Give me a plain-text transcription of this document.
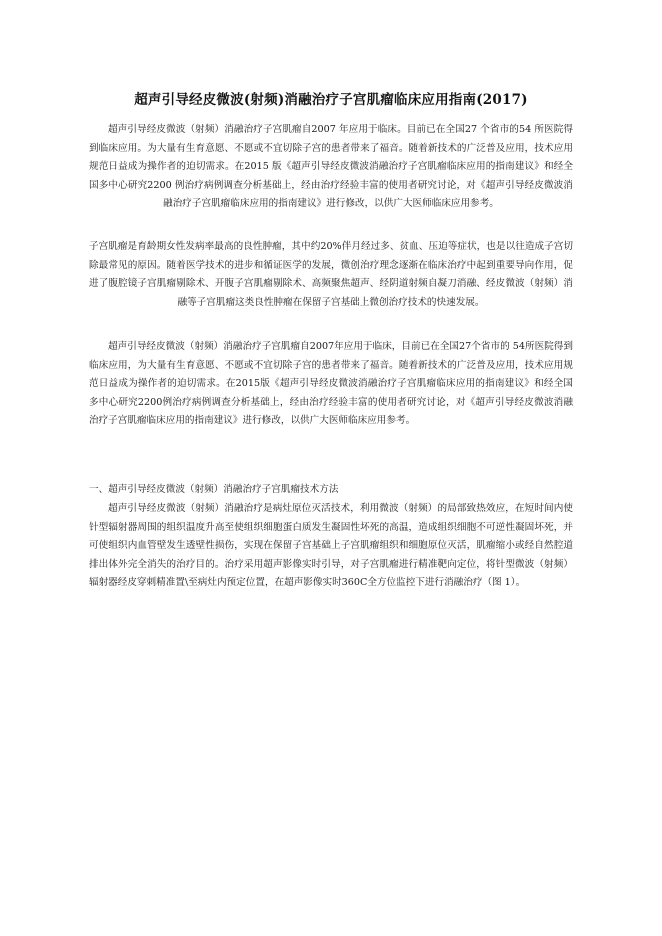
超声引导经皮微波(射频)消融治疗子宫肌瘤临床应用指南(2017)
超声引导经皮微波（射频）消融治疗子宫肌瘤自2007 年应用于临床。目前已在全国27 个省市的54 所医院得到临床应用。为大量有生育意愿、不愿或不宜切除子宫的患者带来了福音。随着新技术的广泛普及应用，技术应用规范日益成为操作者的迫切需求。在2015 版《超声引导经皮微波消融治疗子宫肌瘤临床应用的指南建议》和经全国多中心研究2200 例治疗病例调查分析基础上，经由治疗经验丰富的使用者研究讨论，对《超声引导经皮微波消融治疗子宫肌瘤临床应用的指南建议》进行修改，以供广大医师临床应用参考。
子宫肌瘤是育龄期女性发病率最高的良性肿瘤，其中约20%伴月经过多、贫血、压迫等症状，也是以往造成子宫切除最常见的原因。随着医学技术的进步和循证医学的发展，微创治疗理念逐渐在临床治疗中起到重要导向作用，促进了腹腔镜子宫肌瘤剔除术、开腹子宫肌瘤剔除术、高频聚焦超声、经阴道射频自凝刀消融、经皮微波（射频）消融等子宫肌瘤这类良性肿瘤在保留子宫基础上微创治疗技术的快速发展。
超声引导经皮微波（射频）消融治疗子宫肌瘤自2007年应用于临床，目前已在全国27个省市的 54所医院得到临床应用，为大量有生育意愿、不愿或不宜切除子宫的患者带来了福音。随着新技术的广泛普及应用，技术应用规范日益成为操作者的迫切需求。在2015版《超声引导经皮微波消融治疗子宫肌瘤临床应用的指南建议》和经全国多中心研究2200例治疗病例调查分析基础上，经由治疗经验丰富的使用者研究讨论，对《超声引导经皮微波消融治疗子宫肌瘤临床应用的指南建议》进行修改，以供广大医师临床应用参考。
一、超声引导经皮微波（射频）消融治疗子宫肌瘤技术方法
超声引导经皮微波（射频）消融治疗是病灶原位灭活技术，利用微波（射频）的局部致热效应，在短时间内使针型辐射器周围的组织温度升高至使组织细胞蛋白质发生凝固性坏死的高温，造成组织细胞不可逆性凝固坏死，并可使组织内血管壁发生透壁性损伤，实现在保留子宫基础上子宫肌瘤组织和细胞原位灭活，肌瘤缩小或经自然腔道排出体外完全消失的治疗目的。治疗采用超声影像实时引导，对子宫肌瘤进行精准靶向定位，将针型微波（射频）辐射器经皮穿刺精准置\至病灶内预定位置，在超声影像实时360C全方位监控下进行消融治疗（图 1）。
